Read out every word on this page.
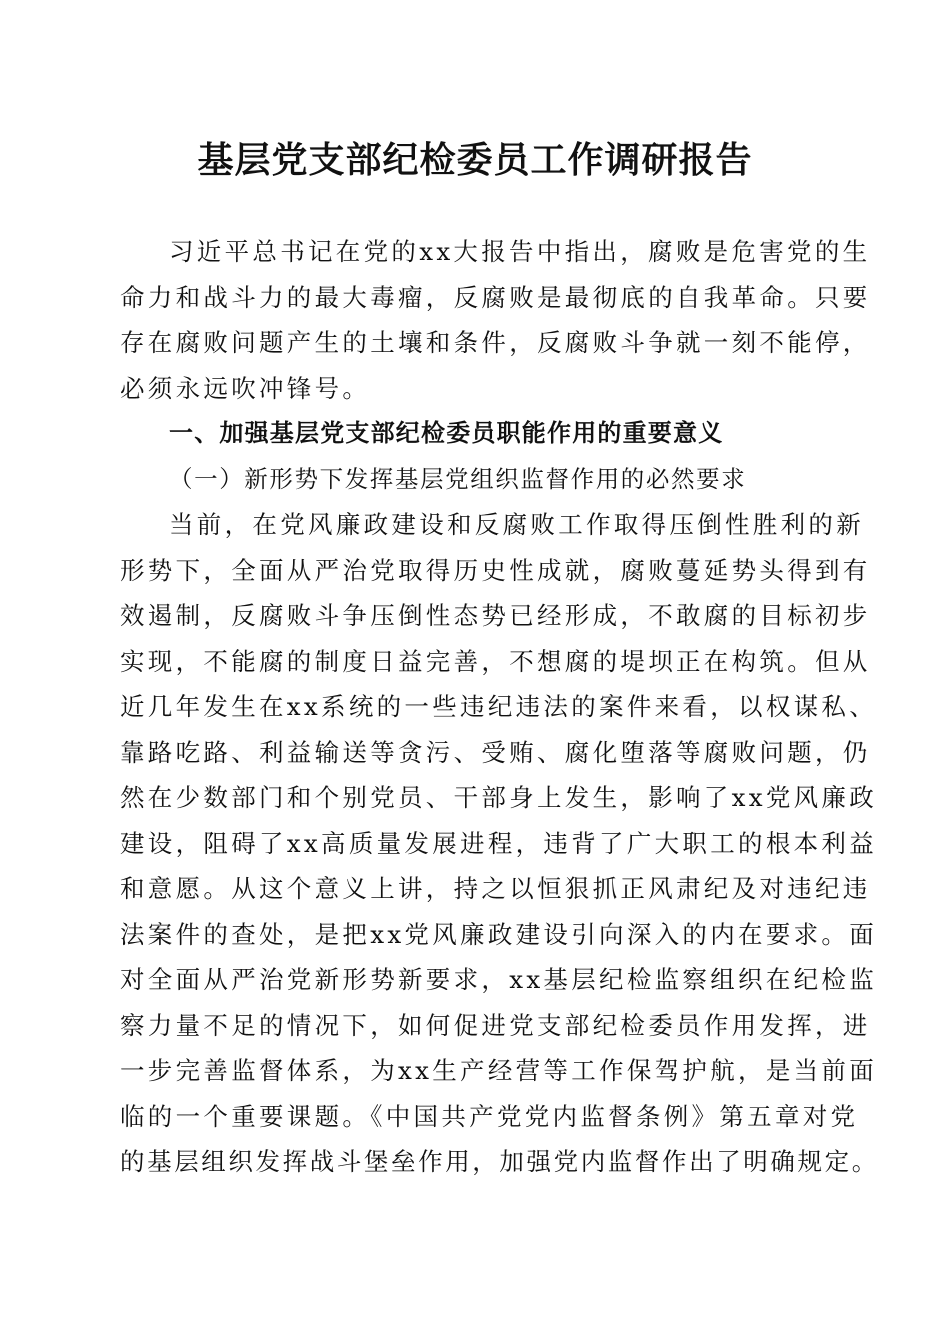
基层党支部纪检委员工作调研报告
习近平总书记在党的xx大报告中指出，腐败是危害党的生
命力和战斗力的最大毒瘤，反腐败是最彻底的自我革命。只要
存在腐败问题产生的土壤和条件，反腐败斗争就一刻不能停，
必须永远吹冲锋号。
一、加强基层党支部纪检委员职能作用的重要意义
（一）新形势下发挥基层党组织监督作用的必然要求
当前，在党风廉政建设和反腐败工作取得压倒性胜利的新
形势下，全面从严治党取得历史性成就，腐败蔓延势头得到有
效遏制，反腐败斗争压倒性态势已经形成，不敢腐的目标初步
实现，不能腐的制度日益完善，不想腐的堤坝正在构筑。但从
近几年发生在xx系统的一些违纪违法的案件来看，以权谋私、
靠路吃路、利益输送等贪污、受贿、腐化堕落等腐败问题，仍
然在少数部门和个别党员、干部身上发生，影响了xx党风廉政
建设，阻碍了xx高质量发展进程，违背了广大职工的根本利益
和意愿。从这个意义上讲，持之以恒狠抓正风肃纪及对违纪违
法案件的查处，是把xx党风廉政建设引向深入的内在要求。面
对全面从严治党新形势新要求，xx基层纪检监察组织在纪检监
察力量不足的情况下，如何促进党支部纪检委员作用发挥，进
一步完善监督体系，为xx生产经营等工作保驾护航，是当前面
临的一个重要课题。《中国共产党党内监督条例》第五章对党
的基层组织发挥战斗堡垒作用，加强党内监督作出了明确规定。
